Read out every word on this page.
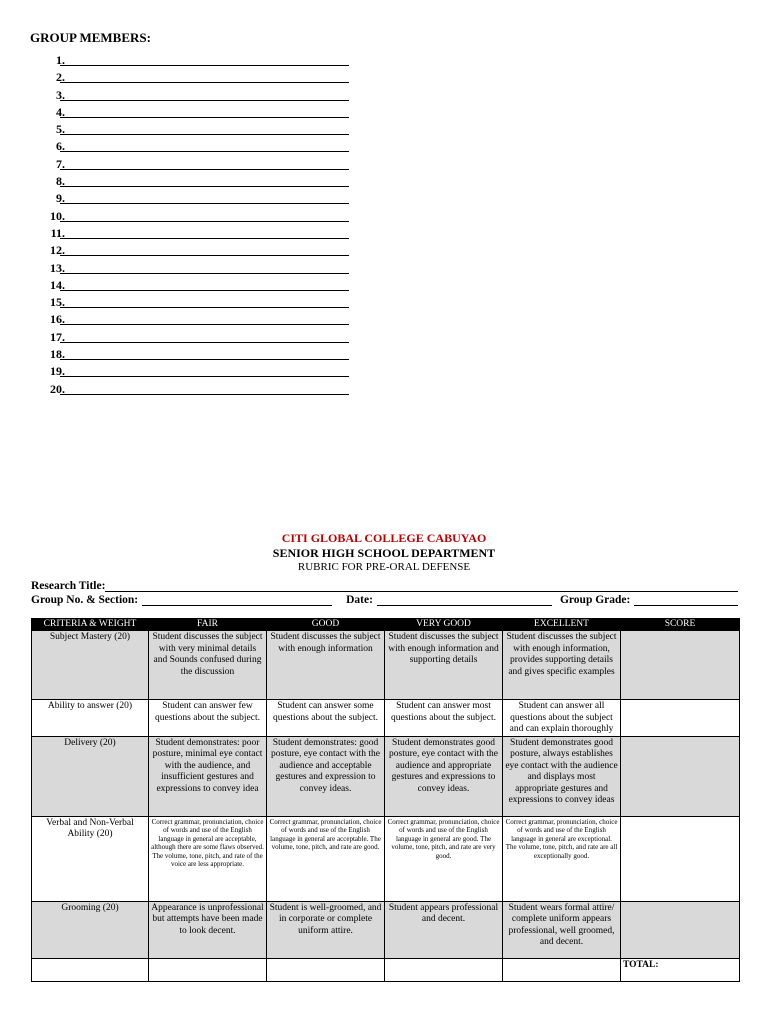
GROUP MEMBERS:
1.
2.
3.
4.
5.
6.
7.
8.
9.
10.
11.
12.
13.
14.
15.
16.
17.
18.
19.
20.
CITI GLOBAL COLLEGE CABUYAO
SENIOR HIGH SCHOOL DEPARTMENT
RUBRIC FOR PRE-ORAL DEFENSE
Research Title:
Group No. & Section:	Date:	Group Grade:
CRITERIA & WEIGHT	FAIR	GOOD	VERY GOOD	EXCELLENT	SCORE
Subject Mastery (20)	Student discusses the subject with very minimal details and Sounds confused during the discussion	Student discusses the subject with enough information	Student discusses the subject with enough information and supporting details	Student discusses the subject with enough information, provides supporting details and gives specific examples	
Ability to answer (20)	Student can answer few questions about the subject.	Student can answer some questions about the subject.	Student can answer most questions about the subject.	Student can answer all questions about the subject and can explain thoroughly	
Delivery (20)	Student demonstrates: poor posture, minimal eye contact with the audience, and insufficient gestures and expressions to convey idea	Student demonstrates: good posture, eye contact with the audience and acceptable gestures and expression to convey ideas.	Student demonstrates good posture, eye contact with the audience and appropriate gestures and expressions to convey ideas.	Student demonstrates good posture, always establishes eye contact with the audience and displays most appropriate gestures and expressions to convey ideas	
Verbal and Non-Verbal Ability (20)	Correct grammar, pronunciation, choice of words and use of the English language in general are acceptable, although there are some flaws observed. The volume, tone, pitch, and rate of the voice are less appropriate.	Correct grammar, pronunciation, choice of words and use of the English language in general are acceptable. The volume, tone, pitch, and rate are good.	Correct grammar, pronunciation, choice of words and use of the English language in general are good. The volume, tone, pitch, and rate are very good.	Correct grammar, pronunciation, choice of words and use of the English language in general are exceptional. The volume, tone, pitch, and rate are all exceptionally good.	
Grooming (20)	Appearance is unprofessional but attempts have been made to look decent.	Student is well-groomed, and in corporate or complete uniform attire.	Student appears professional and decent.	Student wears formal attire/ complete uniform appears professional, well groomed, and decent.	
					TOTAL:
